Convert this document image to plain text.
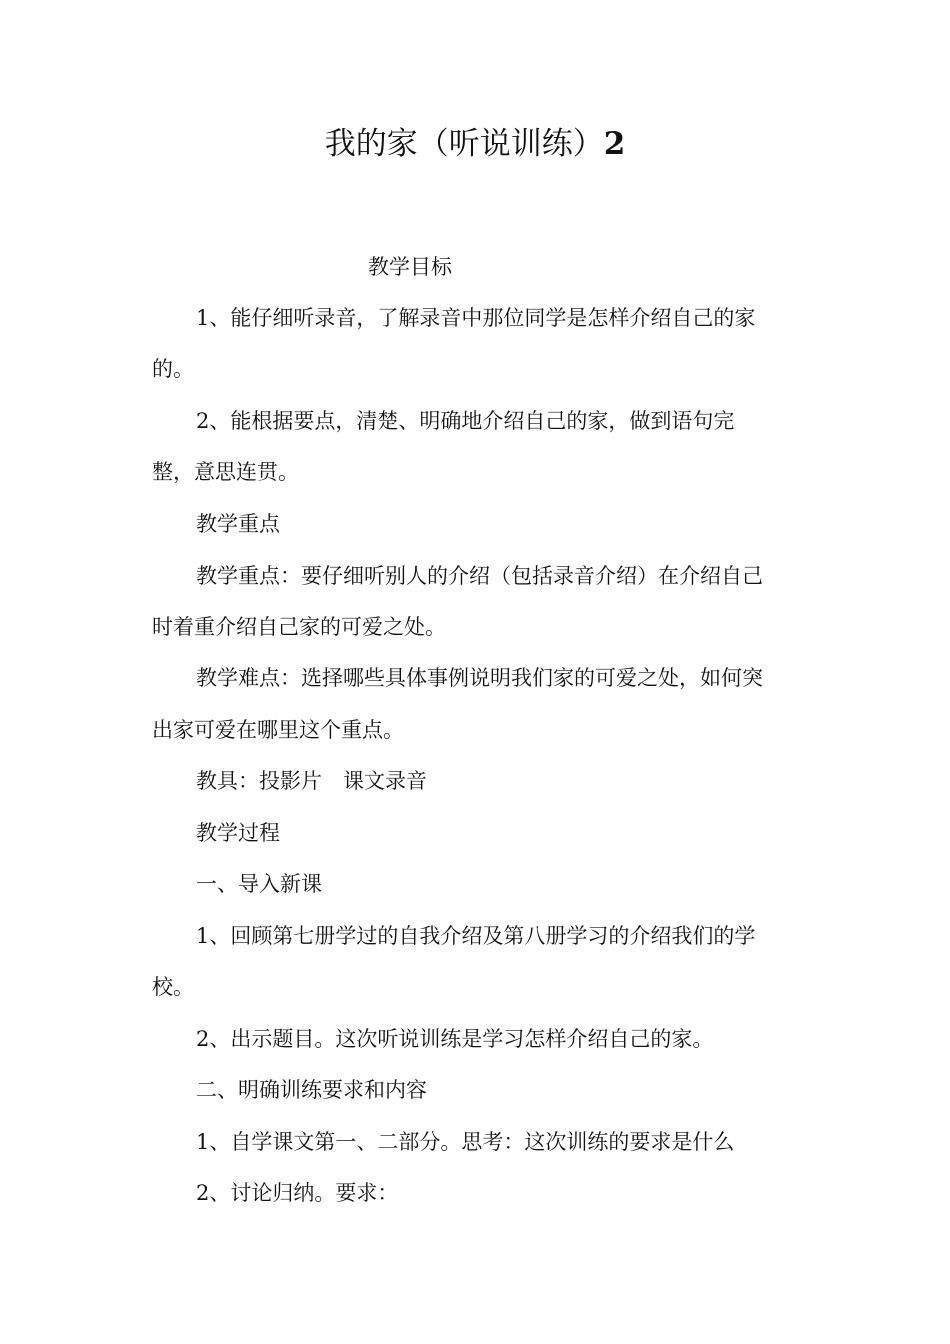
我的家（听说训练）2
教学目标
1、能仔细听录音，了解录音中那位同学是怎样介绍自己的家
的。
2、能根据要点，清楚、明确地介绍自己的家，做到语句完
整，意思连贯。
教学重点
教学重点：要仔细听别人的介绍（包括录音介绍）在介绍自己
时着重介绍自己家的可爱之处。
教学难点：选择哪些具体事例说明我们家的可爱之处，如何突
出家可爱在哪里这个重点。
教具：投影片　课文录音
教学过程
一、导入新课
1、回顾第七册学过的自我介绍及第八册学习的介绍我们的学
校。
2、出示题目。这次听说训练是学习怎样介绍自己的家。
二、明确训练要求和内容
1、自学课文第一、二部分。思考：这次训练的要求是什么
2、讨论归纳。要求：
